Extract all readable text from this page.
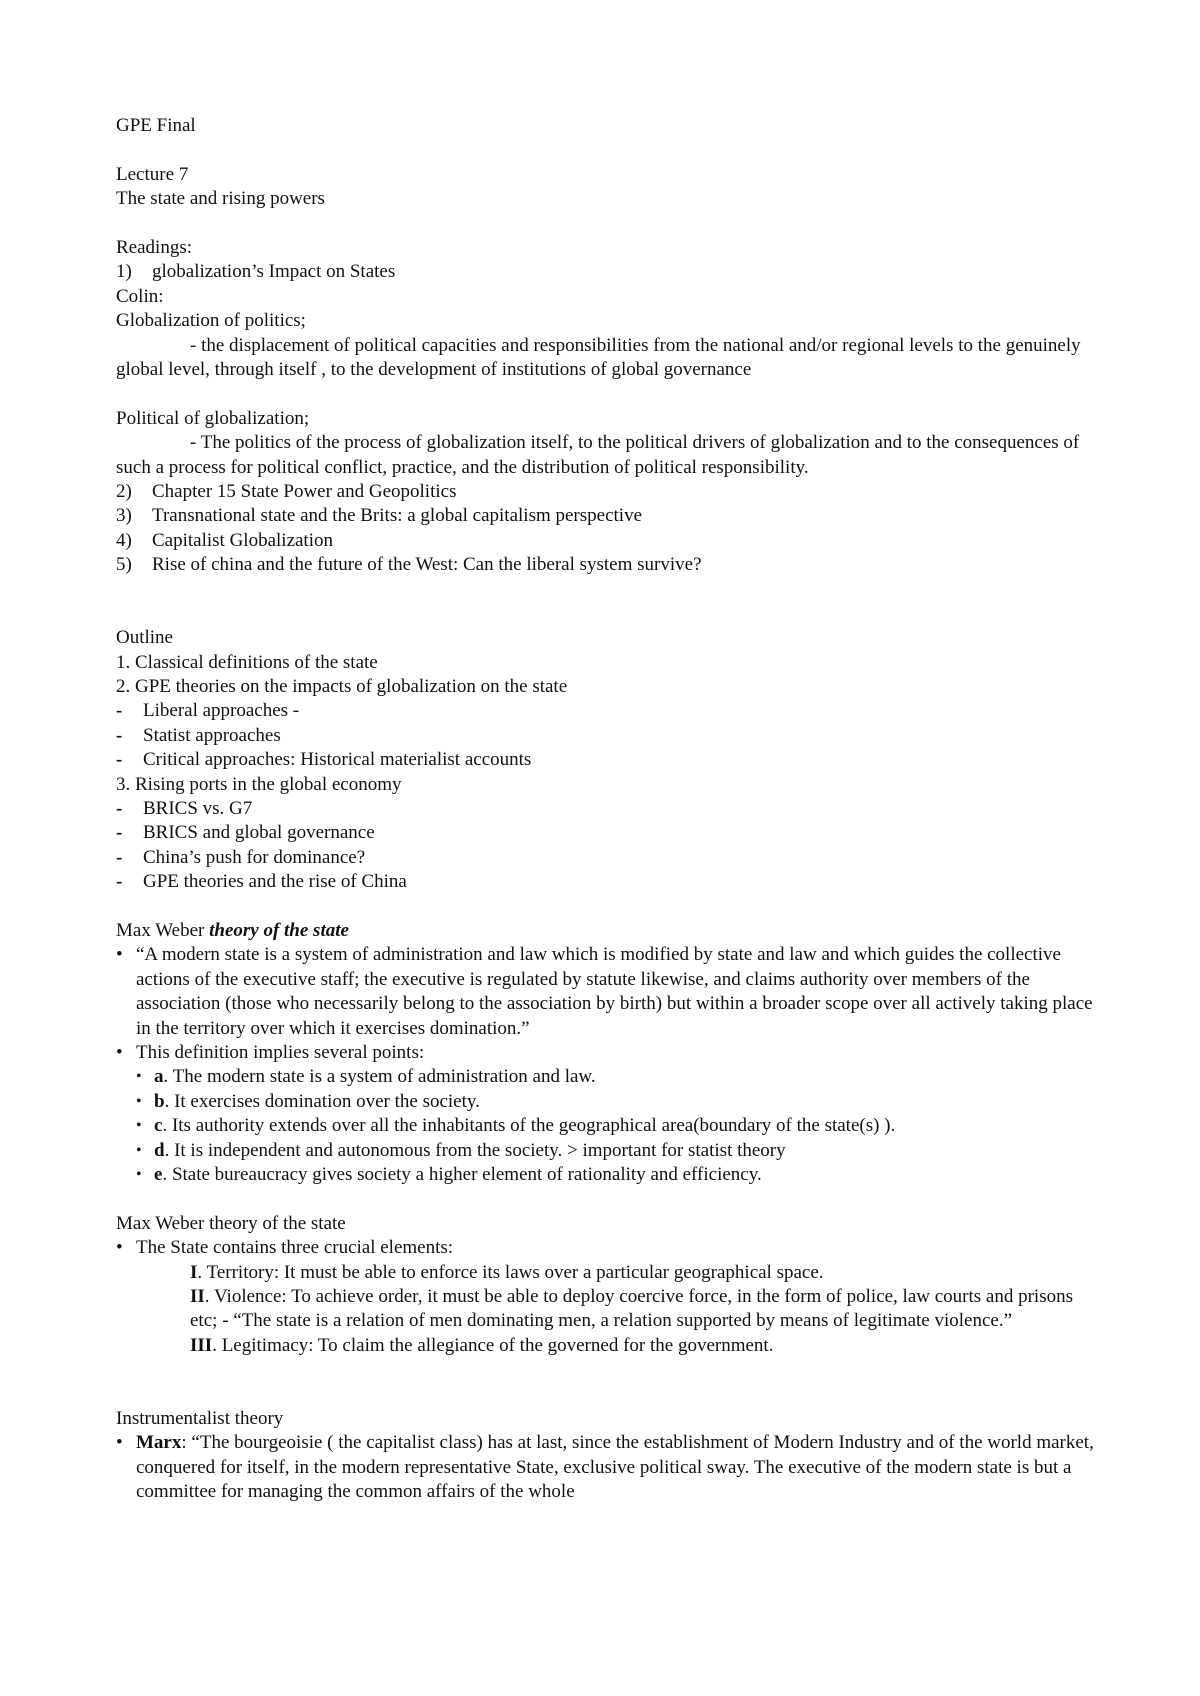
GPE Final
Lecture 7
The state and rising powers
Readings:
1)	globalization’s Impact on States
Colin:
Globalization of politics;
- the displacement of political capacities and responsibilities from the national and/or regional levels to the genuinely global level, through itself , to the development of institutions of global governance
Political of globalization;
- The politics of the process of globalization itself, to the political drivers of globalization and to the consequences of such a process for political conflict, practice, and the distribution of political responsibility.
2)	Chapter 15 State Power and Geopolitics
3)	Transnational state and the Brits: a global capitalism perspective
4)	Capitalist Globalization
5)	Rise of china and the future of the West: Can the liberal system survive?
Outline
1. Classical definitions of the state
2. GPE theories on the impacts of globalization on the state
-	Liberal approaches -
-	Statist approaches
-	Critical approaches: Historical materialist accounts
3. Rising ports in the global economy
-	BRICS vs. G7
-	BRICS and global governance
-	China’s push for dominance?
-	GPE theories and the rise of China
Max Weber theory of the state
• “A modern state is a system of administration and law which is modified by state and law and which guides the collective actions of the executive staff; the executive is regulated by statute likewise, and claims authority over members of the association (those who necessarily belong to the association by birth) but within a broader scope over all actively taking place in the territory over which it exercises domination.”
• This definition implies several points:
• a . The modern state is a system of administration and law.
• b . It exercises domination over the society.
• c . Its authority extends over all the inhabitants of the geographical area(boundary of the state(s) ).
• d . It is independent and autonomous from the society. > important for statist theory
• e . State bureaucracy gives society a higher element of rationality and efficiency.
Max Weber theory of the state
• The State contains three crucial elements:
I. Territory: It must be able to enforce its laws over a particular geographical space.
II. Violence: To achieve order, it must be able to deploy coercive force, in the form of police, law courts and prisons etc; - “The state is a relation of men dominating men, a relation supported by means of legitimate violence.”
III. Legitimacy: To claim the allegiance of the governed for the government.
Instrumentalist theory
• Marx: “The bourgeoisie ( the capitalist class) has at last, since the establishment of Modern Industry and of the world market, conquered for itself, in the modern representative State, exclusive political sway. The executive of the modern state is but a committee for managing the common affairs of the whole
